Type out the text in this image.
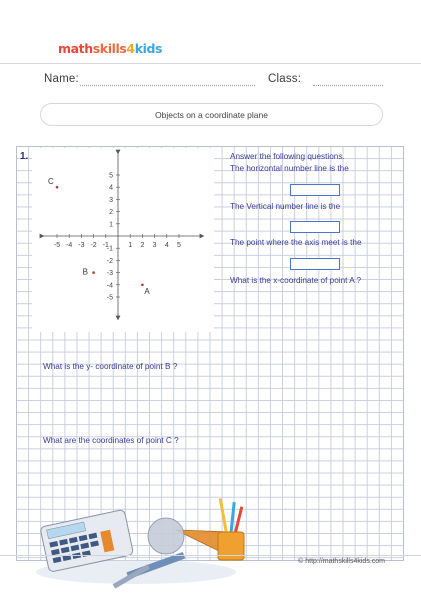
math skills 4 kids
Name:	Class:
Objects on a coordinate plane
1.
-5 -4 -3 -2 -1	1 2 3 4 5
5
4
3
2
1
-1
-2
-3
-4
-5
C
B
A
Answer the following questions.
The horizontal number line is the
The Vertical number line is the
The point where the axis meet is the
What is the x-coordinate of point A ?
What is the y- coordinate of point B ?
What are the coordinates of point C ?
© http://mathskills4kids.com
